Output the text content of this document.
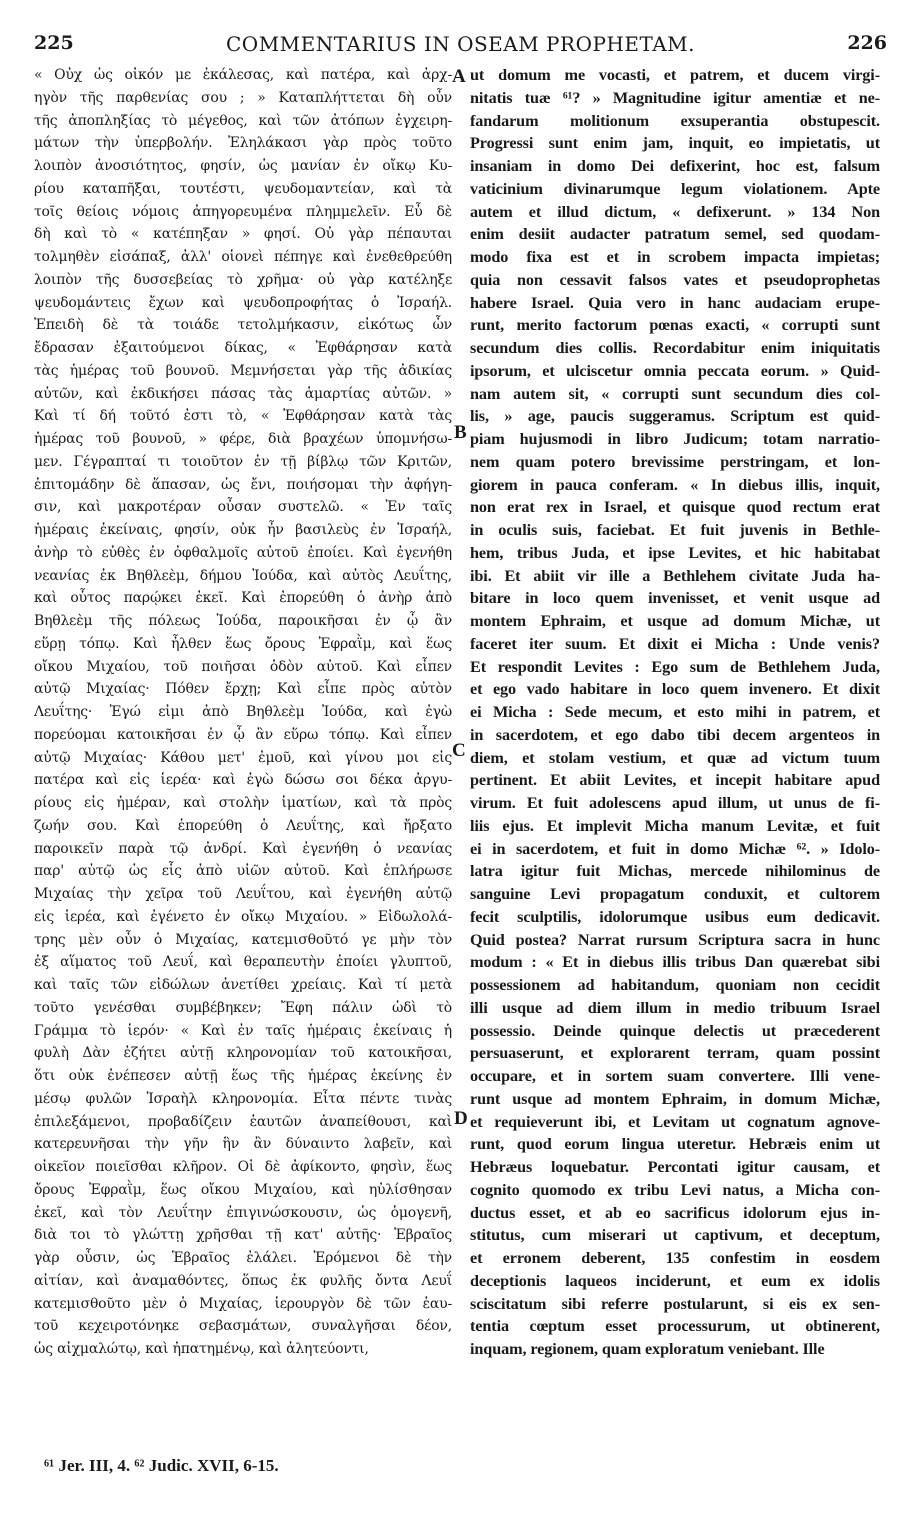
225	COMMENTARIUS IN OSEAM PROPHETAM.	226
« Οὐχ ὡς οἰκόν με ἐκάλεσας, καὶ πατέρα, καὶ ἀρχ-
ηγὸν τῆς παρθενίας σου ; » Καταπλήττεται δὴ οὖν
τῆς ἀποπληξίας τὸ μέγεθος, καὶ τῶν ἀτόπων ἐγχειρη-
μάτων τὴν ὑπερβολήν. Ἐληλάκασι γὰρ πρὸς τοῦτο
λοιπὸν ἀνοσιότητος, φησίν, ὡς μανίαν ἐν οἴκῳ Κυ-
ρίου καταπῆξαι, τουτέστι, ψευδομαντείαν, καὶ τὰ
τοῖς θείοις νόμοις ἀπηγορευμένα πλημμελεῖν. Εὖ δὲ
δὴ καὶ τὸ « κατέπηξαν » φησί. Οὐ γὰρ πέπαυται
τολμηθὲν εἰσάπαξ, ἀλλ' οἱονεὶ πέπηγε καὶ ἐνεθεθρεύθη
λοιπὸν τῆς δυσσεβείας τὸ χρῆμα· οὐ γὰρ κατέληξε
ψευδομάντεις ἔχων καὶ ψευδοπροφήτας ὁ Ἰσραήλ.
Ἐπειδὴ δὲ τὰ τοιάδε τετολμήκασιν, εἰκότως ὧν
ἔδρασαν ἐξαιτούμενοι δίκας, « Ἐφθάρησαν κατὰ
τὰς ἡμέρας τοῦ βουνοῦ. Μεμνήσεται γὰρ τῆς ἀδικίας
αὐτῶν, καὶ ἐκδικήσει πάσας τὰς ἁμαρτίας αὐτῶν. »
Καὶ τί δή τοῦτό ἐστι τὸ, « Ἐφθάρησαν κατὰ τὰς
ἡμέρας τοῦ βουνοῦ, » φέρε, διὰ βραχέων ὑπομνήσω-
μεν. Γέγραπταί τι τοιοῦτον ἐν τῇ βίβλῳ τῶν Κριτῶν,
ἐπιτομάδην δὲ ἅπασαν, ὡς ἔνι, ποιήσομαι τὴν ἀφήγη-
σιν, καὶ μακροτέραν οὖσαν συστελῶ. « Ἐν ταῖς
ἡμέραις ἐκείναις, φησίν, οὐκ ἦν βασιλεὺς ἐν Ἰσραήλ,
ἀνὴρ τὸ εὐθὲς ἐν ὀφθαλμοῖς αὐτοῦ ἐποίει. Καὶ ἐγενήθη
νεανίας ἐκ Βηθλεὲμ, δήμου Ἰούδα, καὶ αὐτὸς Λευΐτης,
καὶ οὗτος παρῴκει ἐκεῖ. Καὶ ἐπορεύθη ὁ ἀνὴρ ἀπὸ
Βηθλεὲμ τῆς πόλεως Ἰούδα, παροικῆσαι ἐν ᾧ ἂν
εὕρῃ τόπῳ. Καὶ ἦλθεν ἕως ὄρους Ἐφραῒμ, καὶ ἕως
οἴκου Μιχαίου, τοῦ ποιῆσαι ὁδὸν αὐτοῦ. Καὶ εἶπεν
αὐτῷ Μιχαίας· Πόθεν ἔρχῃ; Καὶ εἶπε πρὸς αὐτὸν
Λευΐτης· Ἐγώ εἰμι ἀπὸ Βηθλεὲμ Ἰούδα, καὶ ἐγὼ
πορεύομαι κατοικῆσαι ἐν ᾧ ἂν εὕρω τόπῳ. Καὶ εἶπεν
αὐτῷ Μιχαίας· Κάθου μετ' ἐμοῦ, καὶ γίνου μοι εἰς
πατέρα καὶ εἰς ἱερέα· καὶ ἐγὼ δώσω σοι δέκα ἀργυ-
ρίους εἰς ἡμέραν, καὶ στολὴν ἱματίων, καὶ τὰ πρὸς
ζωήν σου. Καὶ ἐπορεύθη ὁ Λευΐτης, καὶ ἤρξατο
παροικεῖν παρὰ τῷ ἀνδρί. Καὶ ἐγενήθη ὁ νεανίας
παρ' αὐτῷ ὡς εἷς ἀπὸ υἱῶν αὐτοῦ. Καὶ ἐπλήρωσε
Μιχαίας τὴν χεῖρα τοῦ Λευΐτου, καὶ ἐγενήθη αὐτῷ
εἰς ἱερέα, καὶ ἐγένετο ἐν οἴκῳ Μιχαίου. » Εἰδωλολά-
τρης μὲν οὖν ὁ Μιχαίας, κατεμισθοῦτό γε μὴν τὸν
ἐξ αἵματος τοῦ Λευΐ, καὶ θεραπευτὴν ἐποίει γλυπτοῦ,
καὶ ταῖς τῶν εἰδώλων ἀνετίθει χρείαις. Καὶ τί μετὰ
τοῦτο γενέσθαι συμβέβηκεν; Ἔφη πάλιν ὡδὶ τὸ
Γράμμα τὸ ἱερόν· « Καὶ ἐν ταῖς ἡμέραις ἐκείναις ἡ
φυλὴ Δὰν ἐζήτει αὐτῇ κληρονομίαν τοῦ κατοικῆσαι,
ὅτι οὐκ ἐνέπεσεν αὐτῇ ἕως τῆς ἡμέρας ἐκείνης ἐν
μέσῳ φυλῶν Ἰσραὴλ κληρονομία. Εἶτα πέντε τινὰς
ἐπιλεξάμενοι, προβαδίζειν ἑαυτῶν ἀναπείθουσι, καὶ
κατερευνῆσαι τὴν γῆν ἣν ἂν δύναιντο λαβεῖν, καὶ
οἰκεῖον ποιεῖσθαι κλῆρον. Οἱ δὲ ἀφίκοντο, φησὶν, ἕως
ὄρους Ἐφραῒμ, ἕως οἴκου Μιχαίου, καὶ ηὐλίσθησαν
ἐκεῖ, καὶ τὸν Λευΐτην ἐπιγινώσκουσιν, ὡς ὁμογενῆ,
διὰ τοι τὸ γλώττῃ χρῆσθαι τῇ κατ' αὐτῆς· Ἑβραῖος
γὰρ οὖσιν, ὡς Ἑβραῖος ἐλάλει. Ἐρόμενοι δὲ τὴν
αἰτίαν, καὶ ἀναμαθόντες, ὅπως ἐκ φυλῆς ὄντα Λευΐ
κατεμισθοῦτο μὲν ὁ Μιχαίας, ἱερουργὸν δὲ τῶν ἑαυ-
τοῦ κεχειροτόνηκε σεβασμάτων, συναλγῆσαι δέον,
ὡς αἰχμαλώτῳ, καὶ ἠπατημένῳ, καὶ ἀλητεύοντι,
ut domum me vocasti, et patrem, et ducem virgi-
nitatis tuæ ⁶¹? » Magnitudine igitur amentiæ et ne-
fandarum molitionum exsuperantia obstupescit.
Progressi sunt enim jam, inquit, eo impietatis, ut
insaniam in domo Dei defixerint, hoc est, falsum
vaticinium divinarumque legum violationem. Apte
autem et illud dictum, « defixerunt. » 134 Non
enim desiit audacter patratum semel, sed quodam-
modo fixa est et in scrobem impacta impietas;
quia non cessavit falsos vates et pseudoprophetas
habere Israel. Quia vero in hanc audaciam erupe-
runt, merito factorum pœnas exacti, « corrupti sunt
secundum dies collis. Recordabitur enim iniquitatis
ipsorum, et ulciscetur omnia peccata eorum. » Quid-
nam autem sit, « corrupti sunt secundum dies col-
lis, » age, paucis suggeramus. Scriptum est quid-
piam hujusmodi in libro Judicum; totam narratio-
nem quam potero brevissime perstringam, et lon-
giorem in pauca conferam. « In diebus illis, inquit,
non erat rex in Israel, et quisque quod rectum erat
in oculis suis, faciebat. Et fuit juvenis in Bethle-
hem, tribus Juda, et ipse Levites, et hic habitabat
ibi. Et abiit vir ille a Bethlehem civitate Juda ha-
bitare in loco quem invenisset, et venit usque ad
montem Ephraim, et usque ad domum Michæ, ut
faceret iter suum. Et dixit ei Micha : Unde venis?
Et respondit Levites : Ego sum de Bethlehem Juda,
et ego vado habitare in loco quem invenero. Et dixit
ei Micha : Sede mecum, et esto mihi in patrem, et
in sacerdotem, et ego dabo tibi decem argenteos in
diem, et stolam vestium, et quæ ad victum tuum
pertinent. Et abiit Levites, et incepit habitare apud
virum. Et fuit adolescens apud illum, ut unus de fi-
liis ejus. Et implevit Micha manum Levitæ, et fuit
ei in sacerdotem, et fuit in domo Michæ ⁶². » Idolo-
latra igitur fuit Michas, mercede nihilominus de
sanguine Levi propagatum conduxit, et cultorem
fecit sculptilis, idolorumque usibus eum dedicavit.
Quid postea? Narrat rursum Scriptura sacra in hunc
modum : « Et in diebus illis tribus Dan quærebat sibi
possessionem ad habitandum, quoniam non cecidit
illi usque ad diem illum in medio tribuum Israel
possessio. Deinde quinque delectis ut præcederent
persuaserunt, et explorarent terram, quam possint
occupare, et in sortem suam convertere. Illi vene-
runt usque ad montem Ephraim, in domum Michæ,
et requieverunt ibi, et Levitam ut cognatum agnove-
runt, quod eorum lingua uteretur. Hebræis enim ut
Hebræus loquebatur. Percontati igitur causam, et
cognito quomodo ex tribu Levi natus, a Micha con-
ductus esset, et ab eo sacrificus idolorum ejus in-
stitutus, cum miserari ut captivum, et deceptum,
et erronem deberent, 135 confestim in eosdem
deceptionis laqueos inciderunt, et eum ex idolis
sciscitatum sibi referre postularunt, si eis ex sen-
tentia cœptum esset processurum, ut obtinerent,
inquam, regionem, quam exploratum veniebant. Ille
A
B
C
D
⁶¹ Jer. III, 4. ⁶² Judic. XVII, 6-15.
